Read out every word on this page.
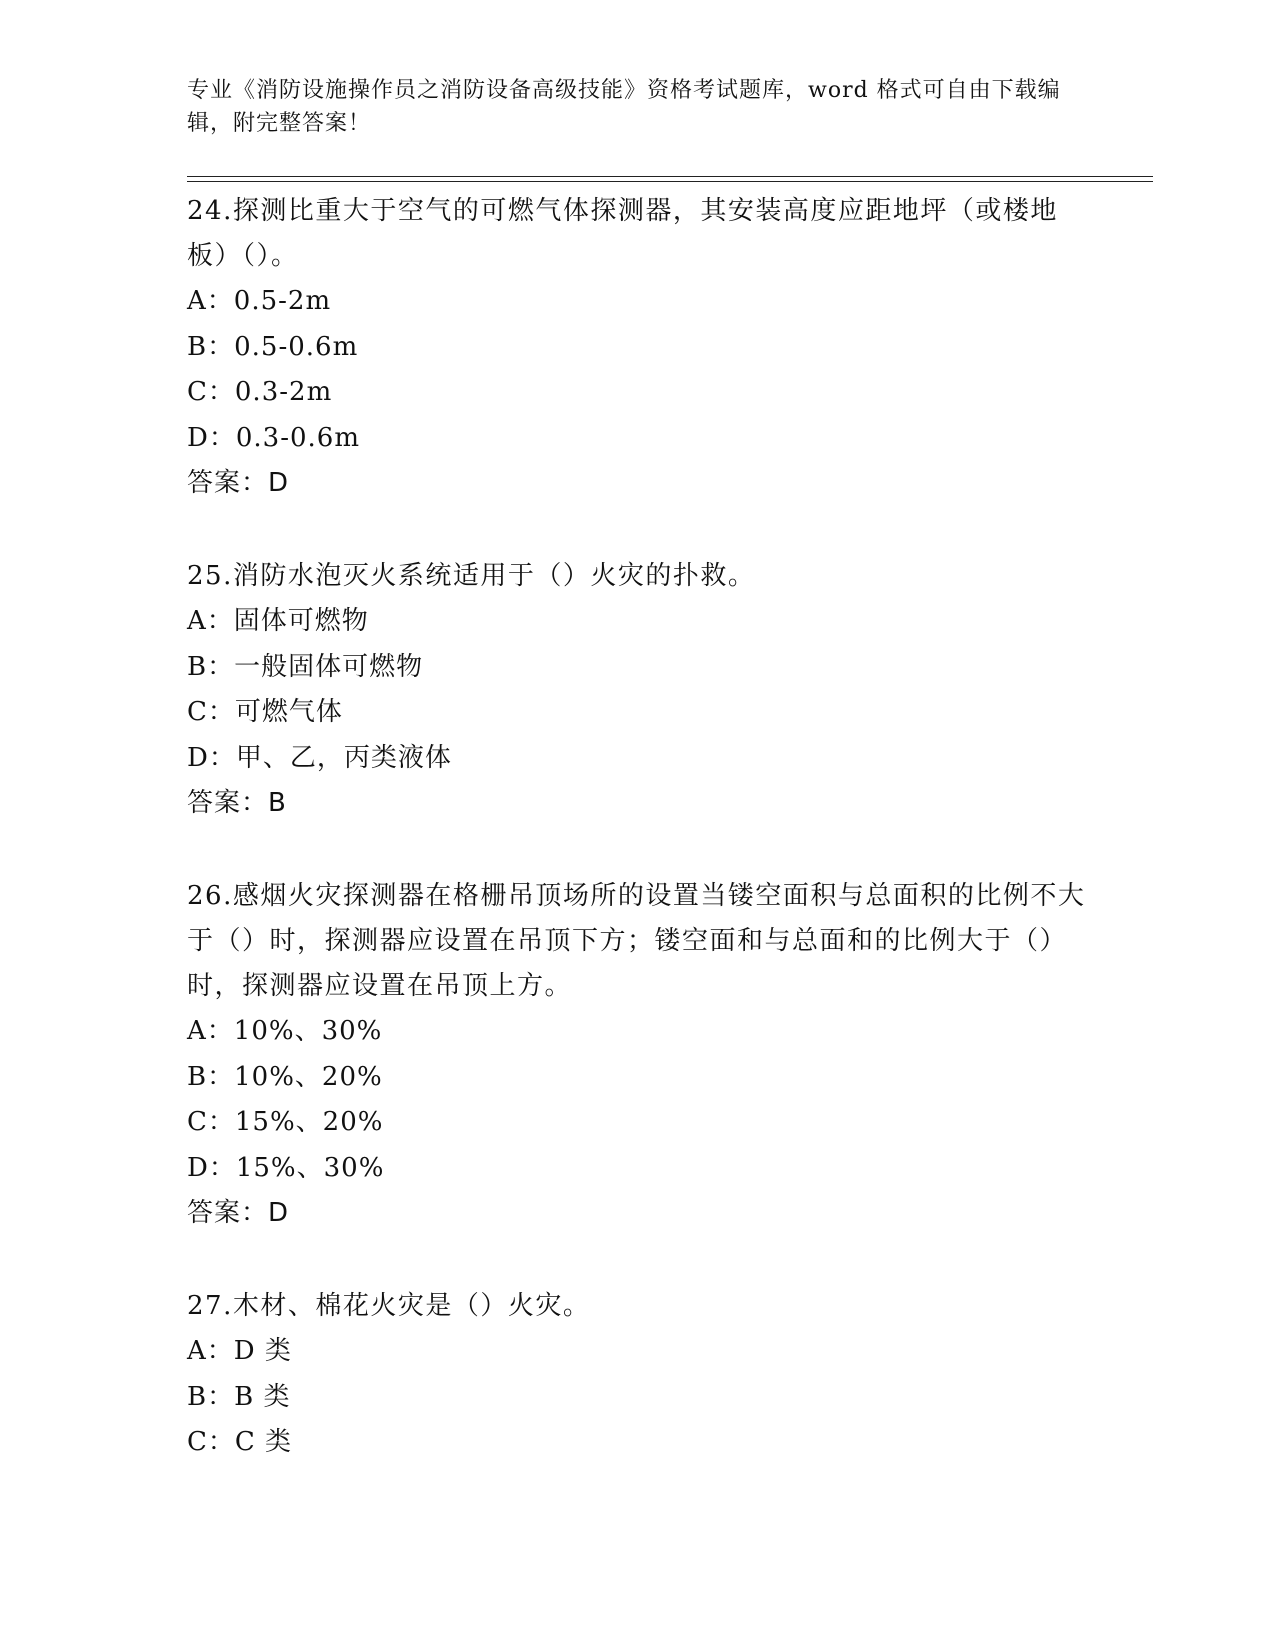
专业《消防设施操作员之消防设备高级技能》资格考试题库，word 格式可自由下载编辑，附完整答案！
24.探测比重大于空气的可燃气体探测器，其安装高度应距地坪（或楼地板）（）。
A：0.5-2m
B：0.5-0.6m
C：0.3-2m
D：0.3-0.6m
答案：D
25.消防水泡灭火系统适用于（）火灾的扑救。
A：固体可燃物
B：一般固体可燃物
C：可燃气体
D：甲、乙，丙类液体
答案：B
26.感烟火灾探测器在格栅吊顶场所的设置当镂空面积与总面积的比例不大于（）时，探测器应设置在吊顶下方；镂空面和与总面和的比例大于（）时，探测器应设置在吊顶上方。
A：10%、30%
B：10%、20%
C：15%、20%
D：15%、30%
答案：D
27.木材、棉花火灾是（）火灾。
A：D 类
B：B 类
C：C 类
